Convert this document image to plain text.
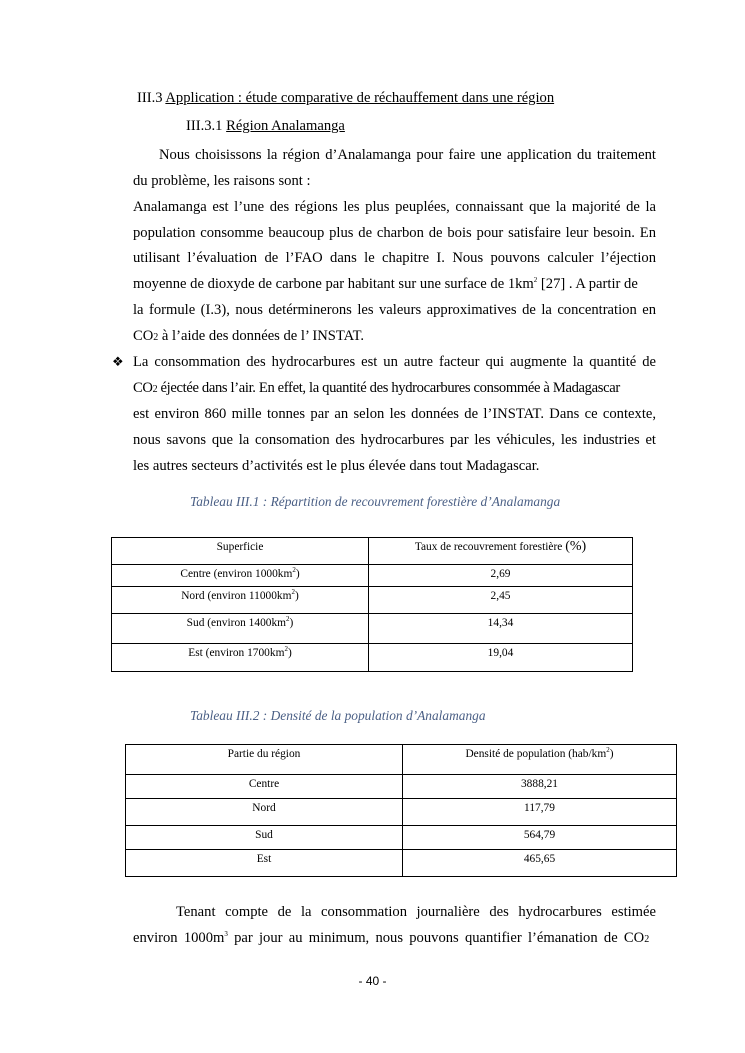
III.3 Application : étude comparative de réchauffement dans une région
III.3.1 Région Analamanga
Nous choisissons la région d’Analamanga pour faire une application du traitement
du problème, les raisons sont :
Analamanga est l’une des régions les plus peuplées, connaissant que la majorité de la
population consomme beaucoup plus de charbon de bois pour satisfaire leur besoin. En
utilisant l’évaluation de l’FAO dans le chapitre I. Nous pouvons calculer l’éjection
moyenne de dioxyde de carbone par habitant sur une surface de $1km^2$ [27] . A partir de
la formule (I.3), nous detérminerons les valeurs approximatives de la concentration en
CO2 à l’aide des données de l’ INSTAT.
❖ La consommation des hydrocarbures est un autre facteur qui augmente la quantité de
CO2 éjectée dans l’air. En effet, la quantité des hydrocarbures consommée à Madagascar
est environ 860 mille tonnes par an selon les données de l’INSTAT. Dans ce contexte,
nous savons que la consomation des hydrocarbures par les véhicules, les industries et
les autres secteurs d’activités est le plus élevée dans tout Madagascar.
Tableau III.1 : Répartition de recouvrement forestière d’Analamanga
Superficie	Taux de recouvrement forestière (%)
Centre (environ $1000km^2$)	2,69
Nord (environ $11000km^2$)	2,45
Sud (environ $1400km^2$)	14,34
Est (environ $1700km^2$)	19,04
Tableau III.2 : Densité de la population d’Analamanga
Partie du région	Densité de population $(hab/km^2)$
Centre	3888,21
Nord	117,79
Sud	564,79
Est	465,65
Tenant compte de la consommation journalière des hydrocarbures estimée
environ $1000m^3$ par jour au minimum, nous pouvons quantifier l’émanation de CO2
- 40 -
